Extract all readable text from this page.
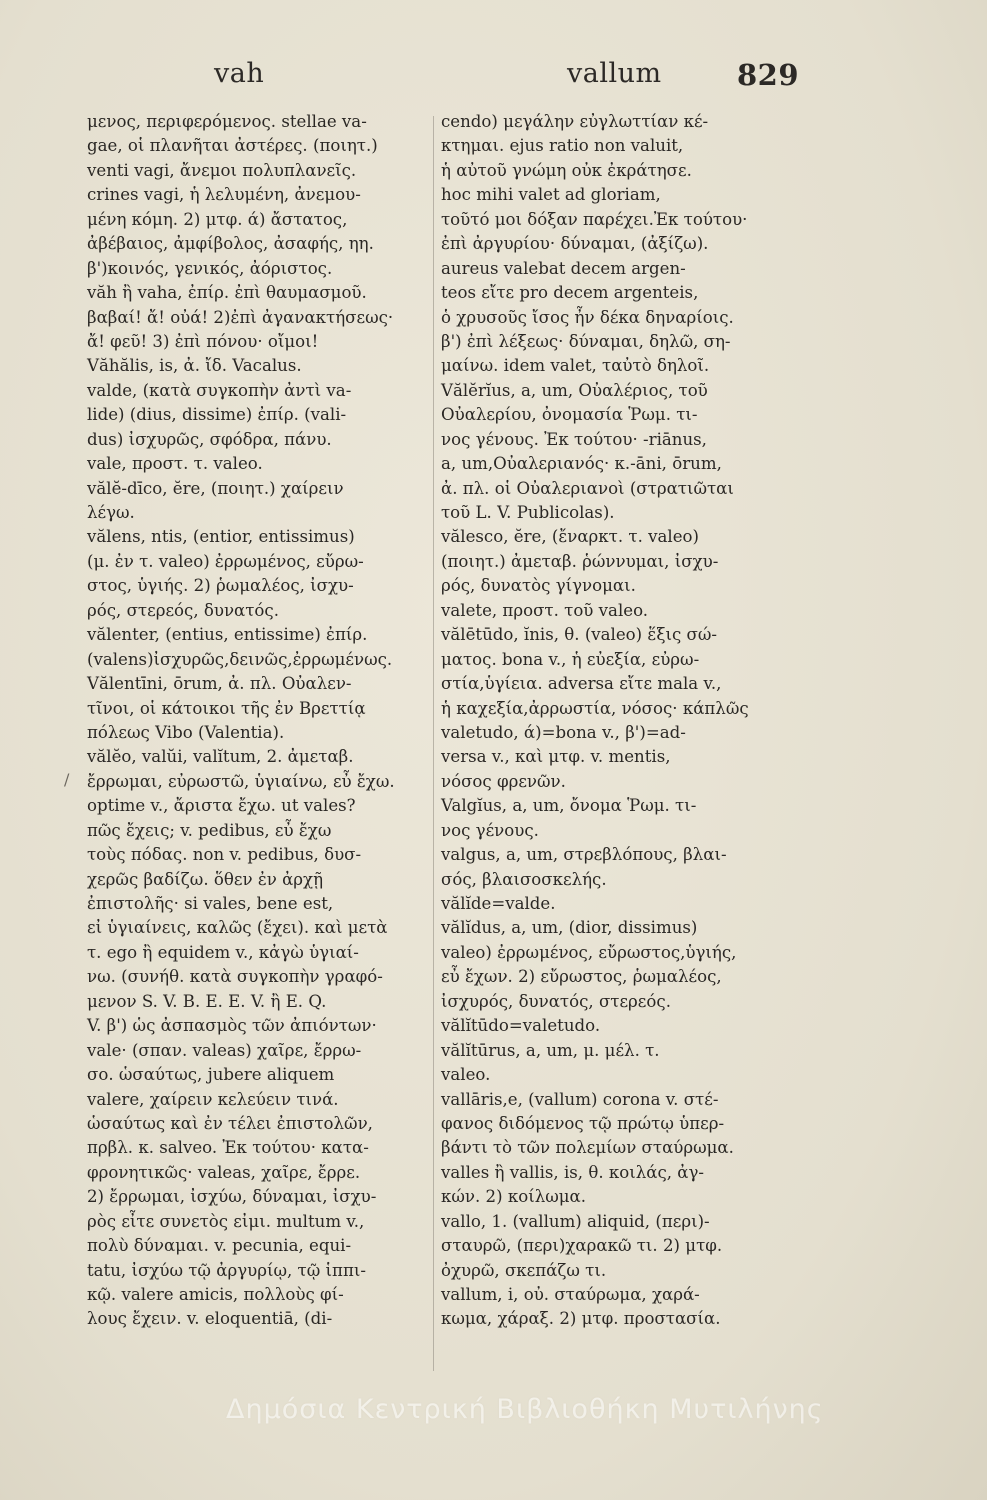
vah	vallum	829
μενος, περιφερόμενος. stellae va-
gae, οἱ πλανῆται ἀστέρες. (ποιητ.)
venti vagi, ἄνεμοι πολυπλανεῖς.
crines vagi, ἡ λελυμένη, ἀνεμου-
μένη κόμη. 2) μτφ. ά) ἄστατος,
ἀβέβαιος, ἀμφίβολος, ἀσαφής, ηη.
β')κοινός, γενικός, ἀόριστος.
văh ἢ vaha, ἐπίρ. ἐπὶ θαυμασμοῦ.
βαβαί! ἄ! οὐά! 2)ἐπὶ ἀγανακτήσεως·
ἄ! φεῦ! 3) ἐπὶ πόνου· οἴμοι!
Văhălis, is, ἀ. ἴδ. Vacalus.
valde, (κατὰ συγκοπὴν ἀντὶ va-
lide) (dius, dissime) ἐπίρ. (vali-
dus) ἰσχυρῶς, σφόδρα, πάνυ.
vale, προστ. τ. valeo.
vălĕ-dīco, ĕre, (ποιητ.) χαίρειν
λέγω.
vălens, ntis, (entior, entissimus)
(μ. ἐν τ. valeo) ἐρρωμένος, εὔρω-
στος, ὑγιής. 2) ῥωμαλέος, ἰσχυ-
ρός, στερεός, δυνατός.
vălenter, (entius, entissime) ἐπίρ.
(valens)ἰσχυρῶς,δεινῶς,ἐρρωμένως.
Vălentīni, ōrum, ἀ. πλ. Οὐαλεν-
τῖνοι, οἱ κάτοικοι τῆς ἐν Βρεττίᾳ
πόλεως Vibo (Valentia).
vălĕo, valŭi, valĭtum, 2. ἀμεταβ.
ἔρρωμαι, εὐρωστῶ, ὑγιαίνω, εὖ ἔχω.
optime v., ἄριστα ἔχω. ut vales?
πῶς ἔχεις; v. pedibus, εὖ ἔχω
τοὺς πόδας. non v. pedibus, δυσ-
χερῶς βαδίζω. ὅθεν ἐν ἀρχῇ
ἐπιστολῆς· si vales, bene est,
εἰ ὑγιαίνεις, καλῶς (ἔχει). καὶ μετὰ
τ. ego ἢ equidem v., κἀγὼ ὑγιαί-
νω. (συνήθ. κατὰ συγκοπὴν γραφό-
μενον S. V. B. E. E. V. ἢ E. Q.
V. β') ὡς ἀσπασμὸς τῶν ἀπιόντων·
vale· (σπαν. valeas) χαῖρε, ἔρρω-
σο. ὡσαύτως, jubere aliquem
valere, χαίρειν κελεύειν τινά.
ὡσαύτως καὶ ἐν τέλει ἐπιστολῶν,
πρβλ. κ. salveo. Ἐκ τούτου· κατα-
φρονητικῶς· valeas, χαῖρε, ἔρρε.
2) ἔρρωμαι, ἰσχύω, δύναμαι, ἰσχυ-
ρὸς εἶτε συνετὸς εἰμι. multum v.,
πολὺ δύναμαι. v. pecunia, equi-
tatu, ἰσχύω τῷ ἀργυρίῳ, τῷ ἱππι-
κῷ. valere amicis, πολλοὺς φί-
λους ἔχειν. v. eloquentiā, (di-
cendo) μεγάλην εὐγλωττίαν κέ-
κτημαι. ejus ratio non valuit,
ἡ αὐτοῦ γνώμη οὐκ ἐκράτησε.
hoc mihi valet ad gloriam,
τοῦτό μοι δόξαν παρέχει.Ἐκ τούτου·
ἐπὶ ἀργυρίου· δύναμαι, (ἀξίζω).
aureus valebat decem argen-
teos εἴτε pro decem argenteis,
ὁ χρυσοῦς ἴσος ἦν δέκα δηναρίοις.
β') ἐπὶ λέξεως· δύναμαι, δηλῶ, ση-
μαίνω. idem valet, ταὐτὸ δηλοῖ.
Vălĕrĭus, a, um, Οὐαλέριος, τοῦ
Οὐαλερίου, ὀνομασία Ῥωμ. τι-
νος γένους. Ἐκ τούτου· -riānus,
a, um,Οὐαλεριανός· κ.-āni, ōrum,
ἀ. πλ. οἱ Οὐαλεριανοὶ (στρατιῶται
τοῦ L. V. Publicolas).
vălesco, ĕre, (ἔναρκτ. τ. valeo)
(ποιητ.) ἀμεταβ. ῥώννυμαι, ἰσχυ-
ρός, δυνατὸς γίγνομαι.
valete, προστ. τοῦ valeo.
vălētūdo, ĭnis, θ. (valeo) ἕξις σώ-
ματος. bona v., ἡ εὐεξία, εὐρω-
στία,ὑγίεια. adversa εἴτε mala v.,
ἡ καχεξία,ἀρρωστία, νόσος· κάπλῶς
valetudo, ά)=bona v., β')=ad-
versa v., καὶ μτφ. v. mentis,
νόσος φρενῶν.
Valgĭus, a, um, ὄνομα Ῥωμ. τι-
νος γένους.
valgus, a, um, στρεβλόπους, βλαι-
σός, βλαισοσκελής.
vălĭde=valde.
vălĭdus, a, um, (dior, dissimus)
valeo) ἐρρωμένος, εὔρωστος,ὑγιής,
εὖ ἔχων. 2) εὔρωστος, ῥωμαλέος,
ἰσχυρός, δυνατός, στερεός.
vălĭtūdo=valetudo.
vălĭtūrus, a, um, μ. μέλ. τ.
valeo.
vallāris,e, (vallum) corona v. στέ-
φανος διδόμενος τῷ πρώτῳ ὑπερ-
βάντι τὸ τῶν πολεμίων σταύρωμα.
valles ἢ vallis, is, θ. κοιλάς, ἀγ-
κών. 2) κοίλωμα.
vallo, 1. (vallum) aliquid, (περι)-
σταυρῶ, (περι)χαρακῶ τι. 2) μτφ.
ὀχυρῶ, σκεπάζω τι.
vallum, i, οὐ. σταύρωμα, χαρά-
κωμα, χάραξ. 2) μτφ. προστασία.
/
Δημόσια Κεντρική Βιβλιοθήκη Μυτιλήνης
